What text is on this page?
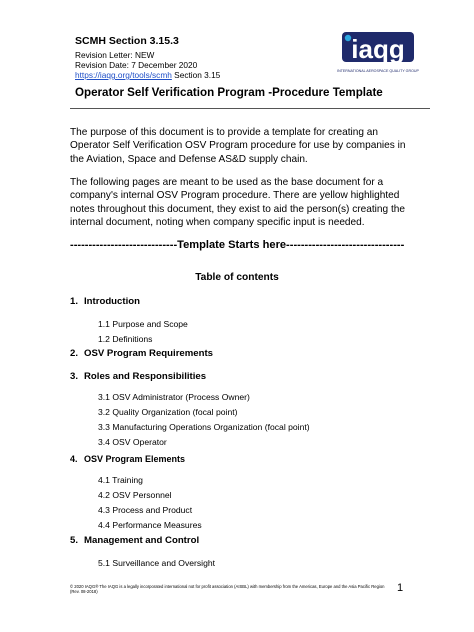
SCMH Section 3.15.3
Revision Letter: NEW
Revision Date: 7 December 2020
https://iaqg.org/tools/scmh Section 3.15
iaqg
INTERNATIONAL AEROSPACE QUALITY GROUP
Operator Self Verification Program -Procedure Template
The purpose of this document is to provide a template for creating an Operator Self Verification OSV Program procedure for use by companies in the Aviation, Space and Defense AS&D supply chain.
The following pages are meant to be used as the base document for a company's internal OSV Program procedure. There are yellow highlighted notes throughout this document, they exist to aid the person(s) creating the internal document, noting when company specific input is needed.
-----------------------------Template Starts here--------------------------------
Table of contents
1. Introduction
1.1 Purpose and Scope
1.2 Definitions
2. OSV Program Requirements
3. Roles and Responsibilities
3.1 OSV Administrator (Process Owner)
3.2 Quality Organization (focal point)
3.3 Manufacturing Operations Organization (focal point)
3.4 OSV Operator
4. OSV Program Elements
4.1 Training
4.2 OSV Personnel
4.3 Process and Product
4.4 Performance Measures
5. Management and Control
5.1 Surveillance and Oversight
© 2020 IAQG® The IAQG is a legally incorporated international not for profit association (AISBL) with membership from the Americas, Europe and the Asia Pacific Region (Rev. 08-2018)	1
